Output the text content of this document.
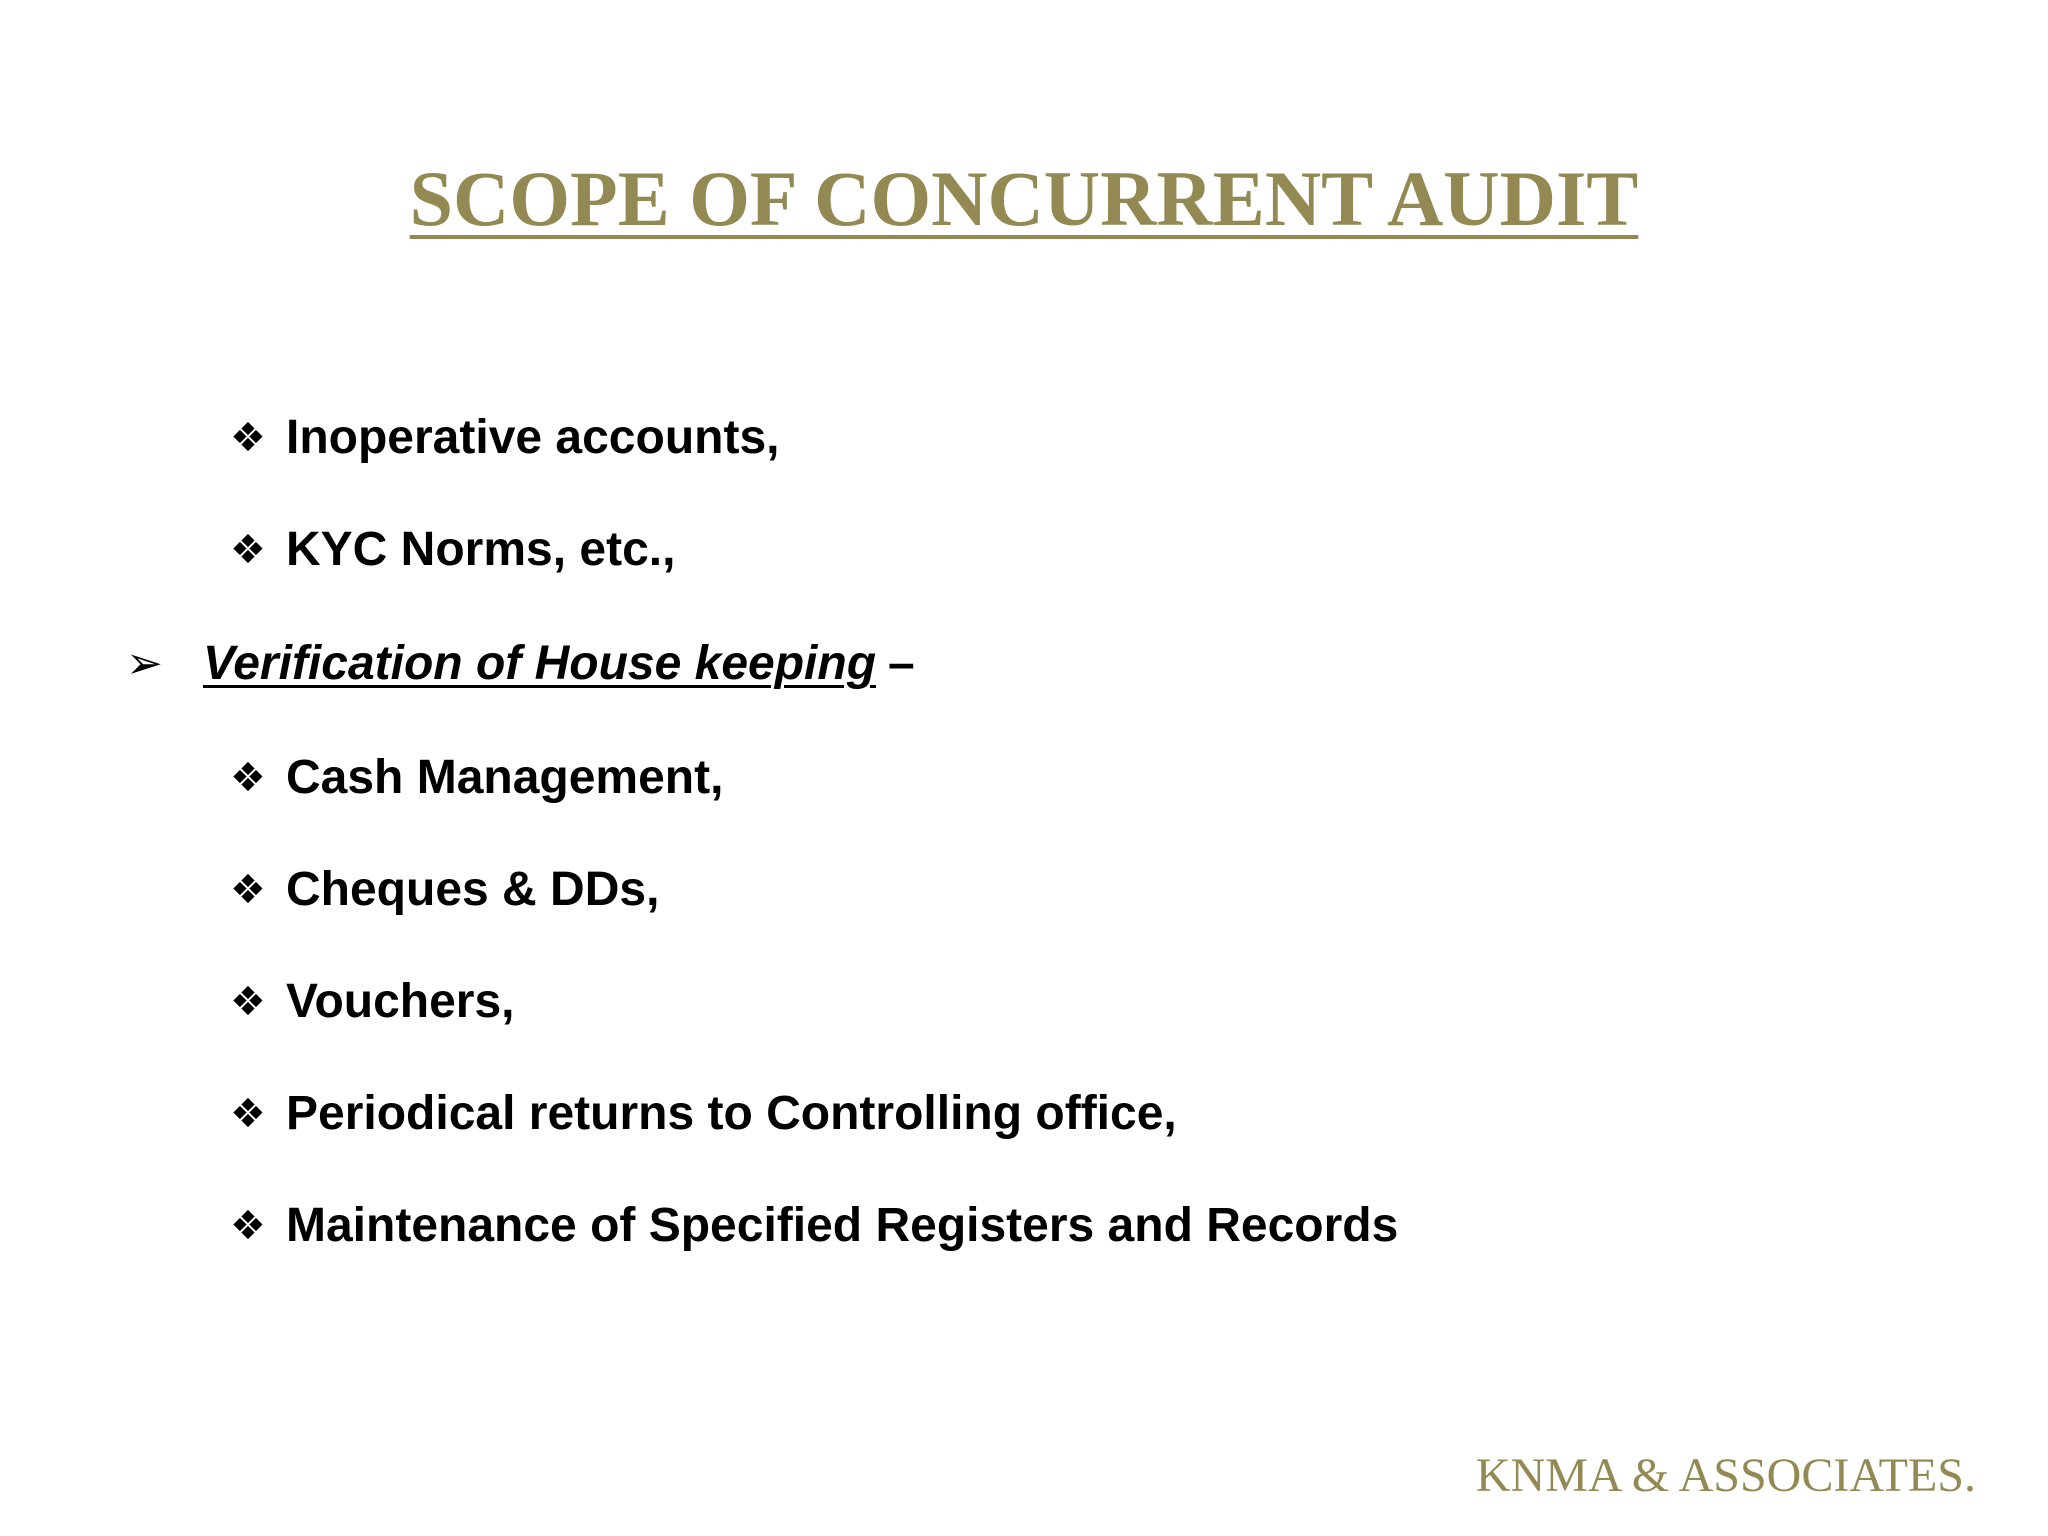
SCOPE OF CONCURRENT AUDIT
❖ Inoperative accounts,
❖ KYC Norms, etc.,
➢ Verification of House keeping –
❖ Cash Management,
❖ Cheques & DDs,
❖ Vouchers,
❖ Periodical returns to Controlling office,
❖ Maintenance of Specified Registers and Records
KNMA & ASSOCIATES.
